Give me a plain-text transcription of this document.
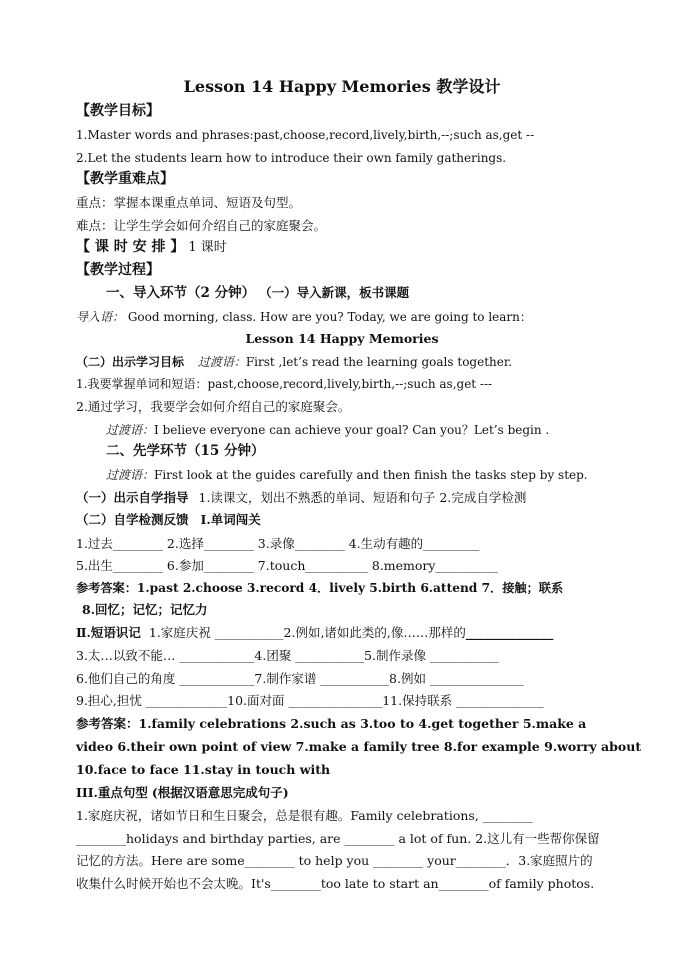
Lesson 14 Happy Memories 教学设计
【教学目标】
1.Master words and phrases:past,choose,record,lively,birth,--;such as,get --
2.Let the students learn how to introduce their own family gatherings.
【教学重难点】
重点：掌握本课重点单词、短语及句型。
难点：让学生学会如何介绍自己的家庭聚会。
【 课 时 安 排 】 1 课时
【教学过程】
一、导入环节（2 分钟） （一）导入新课，板书课题
导入语： Good morning, class. How are you? Today, we are going to learn：
Lesson 14 Happy Memories
（二）出示学习目标 过渡语：First ,let’s read the learning goals together.
1.我要掌握单词和短语：past,choose,record,lively,birth,--;such as,get ---
2.通过学习，我要学会如何介绍自己的家庭聚会。
过渡语：I believe everyone can achieve your goal? Can you？Let’s begin .
二、先学环节（15 分钟）
过渡语：First look at the guides carefully and then finish the tasks step by step.
（一）出示自学指导 1.读课文，划出不熟悉的单词、短语和句子 2.完成自学检测
（二）自学检测反馈 Ⅰ.单词闯关
1.过去________ 2.选择________ 3.录像________ 4.生动有趣的_________
5.出生________ 6.参加________ 7.touch__________ 8.memory__________
参考答案：1.past 2.choose 3.record 4．lively 5.birth 6.attend 7．接触；联系
8.回忆；记忆；记忆力
Ⅱ.短语识记 1.家庭庆祝 ___________2.例如,诸如此类的,像……那样的______________
3.太…以致不能… ____________4.团聚 ___________5.制作录像 ___________
6.他们自己的角度 ____________7.制作家谱 ___________8.例如 _______________
9.担心,担忧 _____________10.面对面 _______________11.保持联系 ______________
参考答案：1.family celebrations 2.such as 3.too to 4.get together 5.make a
video 6.their own point of view 7.make a family tree 8.for example 9.worry about
10.face to face 11.stay in touch with
III.重点句型 (根据汉语意思完成句子)
1.家庭庆祝，诸如节日和生日聚会，总是很有趣。Family celebrations, ________
________holidays and birthday parties, are ________ a lot of fun. 2.这儿有一些帮你保留
记忆的方法。Here are some________ to help you ________ your________．3.家庭照片的
收集什么时候开始也不会太晚。It's________too late to start an________of family photos.
